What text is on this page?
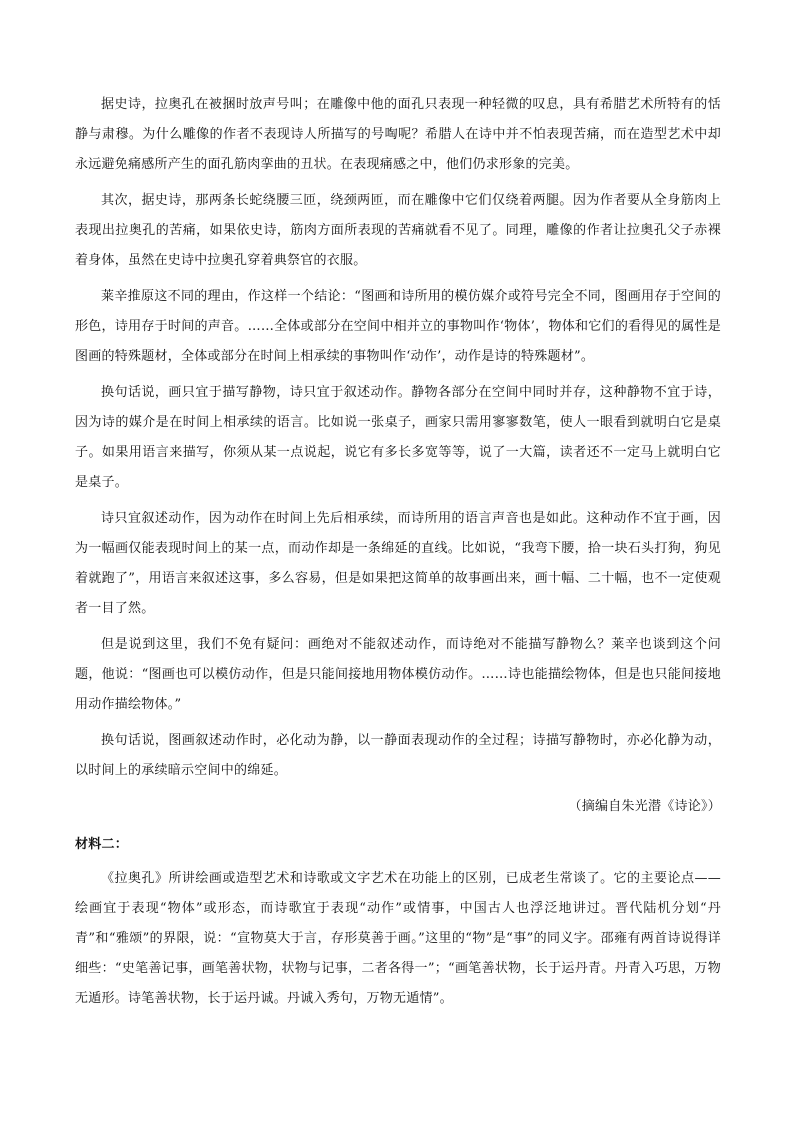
据史诗，拉奥孔在被捆时放声号叫；在雕像中他的面孔只表现一种轻微的叹息，具有希腊艺术所特有的恬静与肃穆。为什么雕像的作者不表现诗人所描写的号啕呢？希腊人在诗中并不怕表现苦痛，而在造型艺术中却永远避免痛感所产生的面孔筋肉挛曲的丑状。在表现痛感之中，他们仍求形象的完美。

其次，据史诗，那两条长蛇绕腰三匝，绕颈两匝，而在雕像中它们仅绕着两腿。因为作者要从全身筋肉上表现出拉奥孔的苦痛，如果依史诗，筋肉方面所表现的苦痛就看不见了。同理，雕像的作者让拉奥孔父子赤裸着身体，虽然在史诗中拉奥孔穿着典祭官的衣服。

莱辛推原这不同的理由，作这样一个结论：“图画和诗所用的模仿媒介或符号完全不同，图画用存于空间的形色，诗用存于时间的声音。……全体或部分在空间中相并立的事物叫作‘物体’，物体和它们的看得见的属性是图画的特殊题材，全体或部分在时间上相承续的事物叫作‘动作’，动作是诗的特殊题材”。

换句话说，画只宜于描写静物，诗只宜于叙述动作。静物各部分在空间中同时并存，这种静物不宜于诗，因为诗的媒介是在时间上相承续的语言。比如说一张桌子，画家只需用寥寥数笔，使人一眼看到就明白它是桌子。如果用语言来描写，你须从某一点说起，说它有多长多宽等等，说了一大篇，读者还不一定马上就明白它是桌子。

诗只宜叙述动作，因为动作在时间上先后相承续，而诗所用的语言声音也是如此。这种动作不宜于画，因为一幅画仅能表现时间上的某一点，而动作却是一条绵延的直线。比如说，“我弯下腰，拾一块石头打狗，狗见着就跑了”，用语言来叙述这事，多么容易，但是如果把这简单的故事画出来，画十幅、二十幅，也不一定使观者一目了然。

但是说到这里，我们不免有疑问：画绝对不能叙述动作，而诗绝对不能描写静物么？莱辛也谈到这个问题，他说：“图画也可以模仿动作，但是只能间接地用物体模仿动作。……诗也能描绘物体，但是也只能间接地用动作描绘物体。”

换句话说，图画叙述动作时，必化动为静，以一静面表现动作的全过程；诗描写静物时，亦必化静为动，以时间上的承续暗示空间中的绵延。

（摘编自朱光潜《诗论》）

材料二：

《拉奥孔》所讲绘画或造型艺术和诗歌或文字艺术在功能上的区别，已成老生常谈了。它的主要论点——绘画宜于表现“物体”或形态，而诗歌宜于表现“动作”或情事，中国古人也浮泛地讲过。晋代陆机分划“丹青”和“雅颂”的界限，说：“宣物莫大于言，存形莫善于画。”这里的“物”是“事”的同义字。邵雍有两首诗说得详细些：“史笔善记事，画笔善状物，状物与记事，二者各得一”；“画笔善状物，长于运丹青。丹青入巧思，万物无遁形。诗笔善状物，长于运丹诚。丹诚入秀句，万物无遁情”。
